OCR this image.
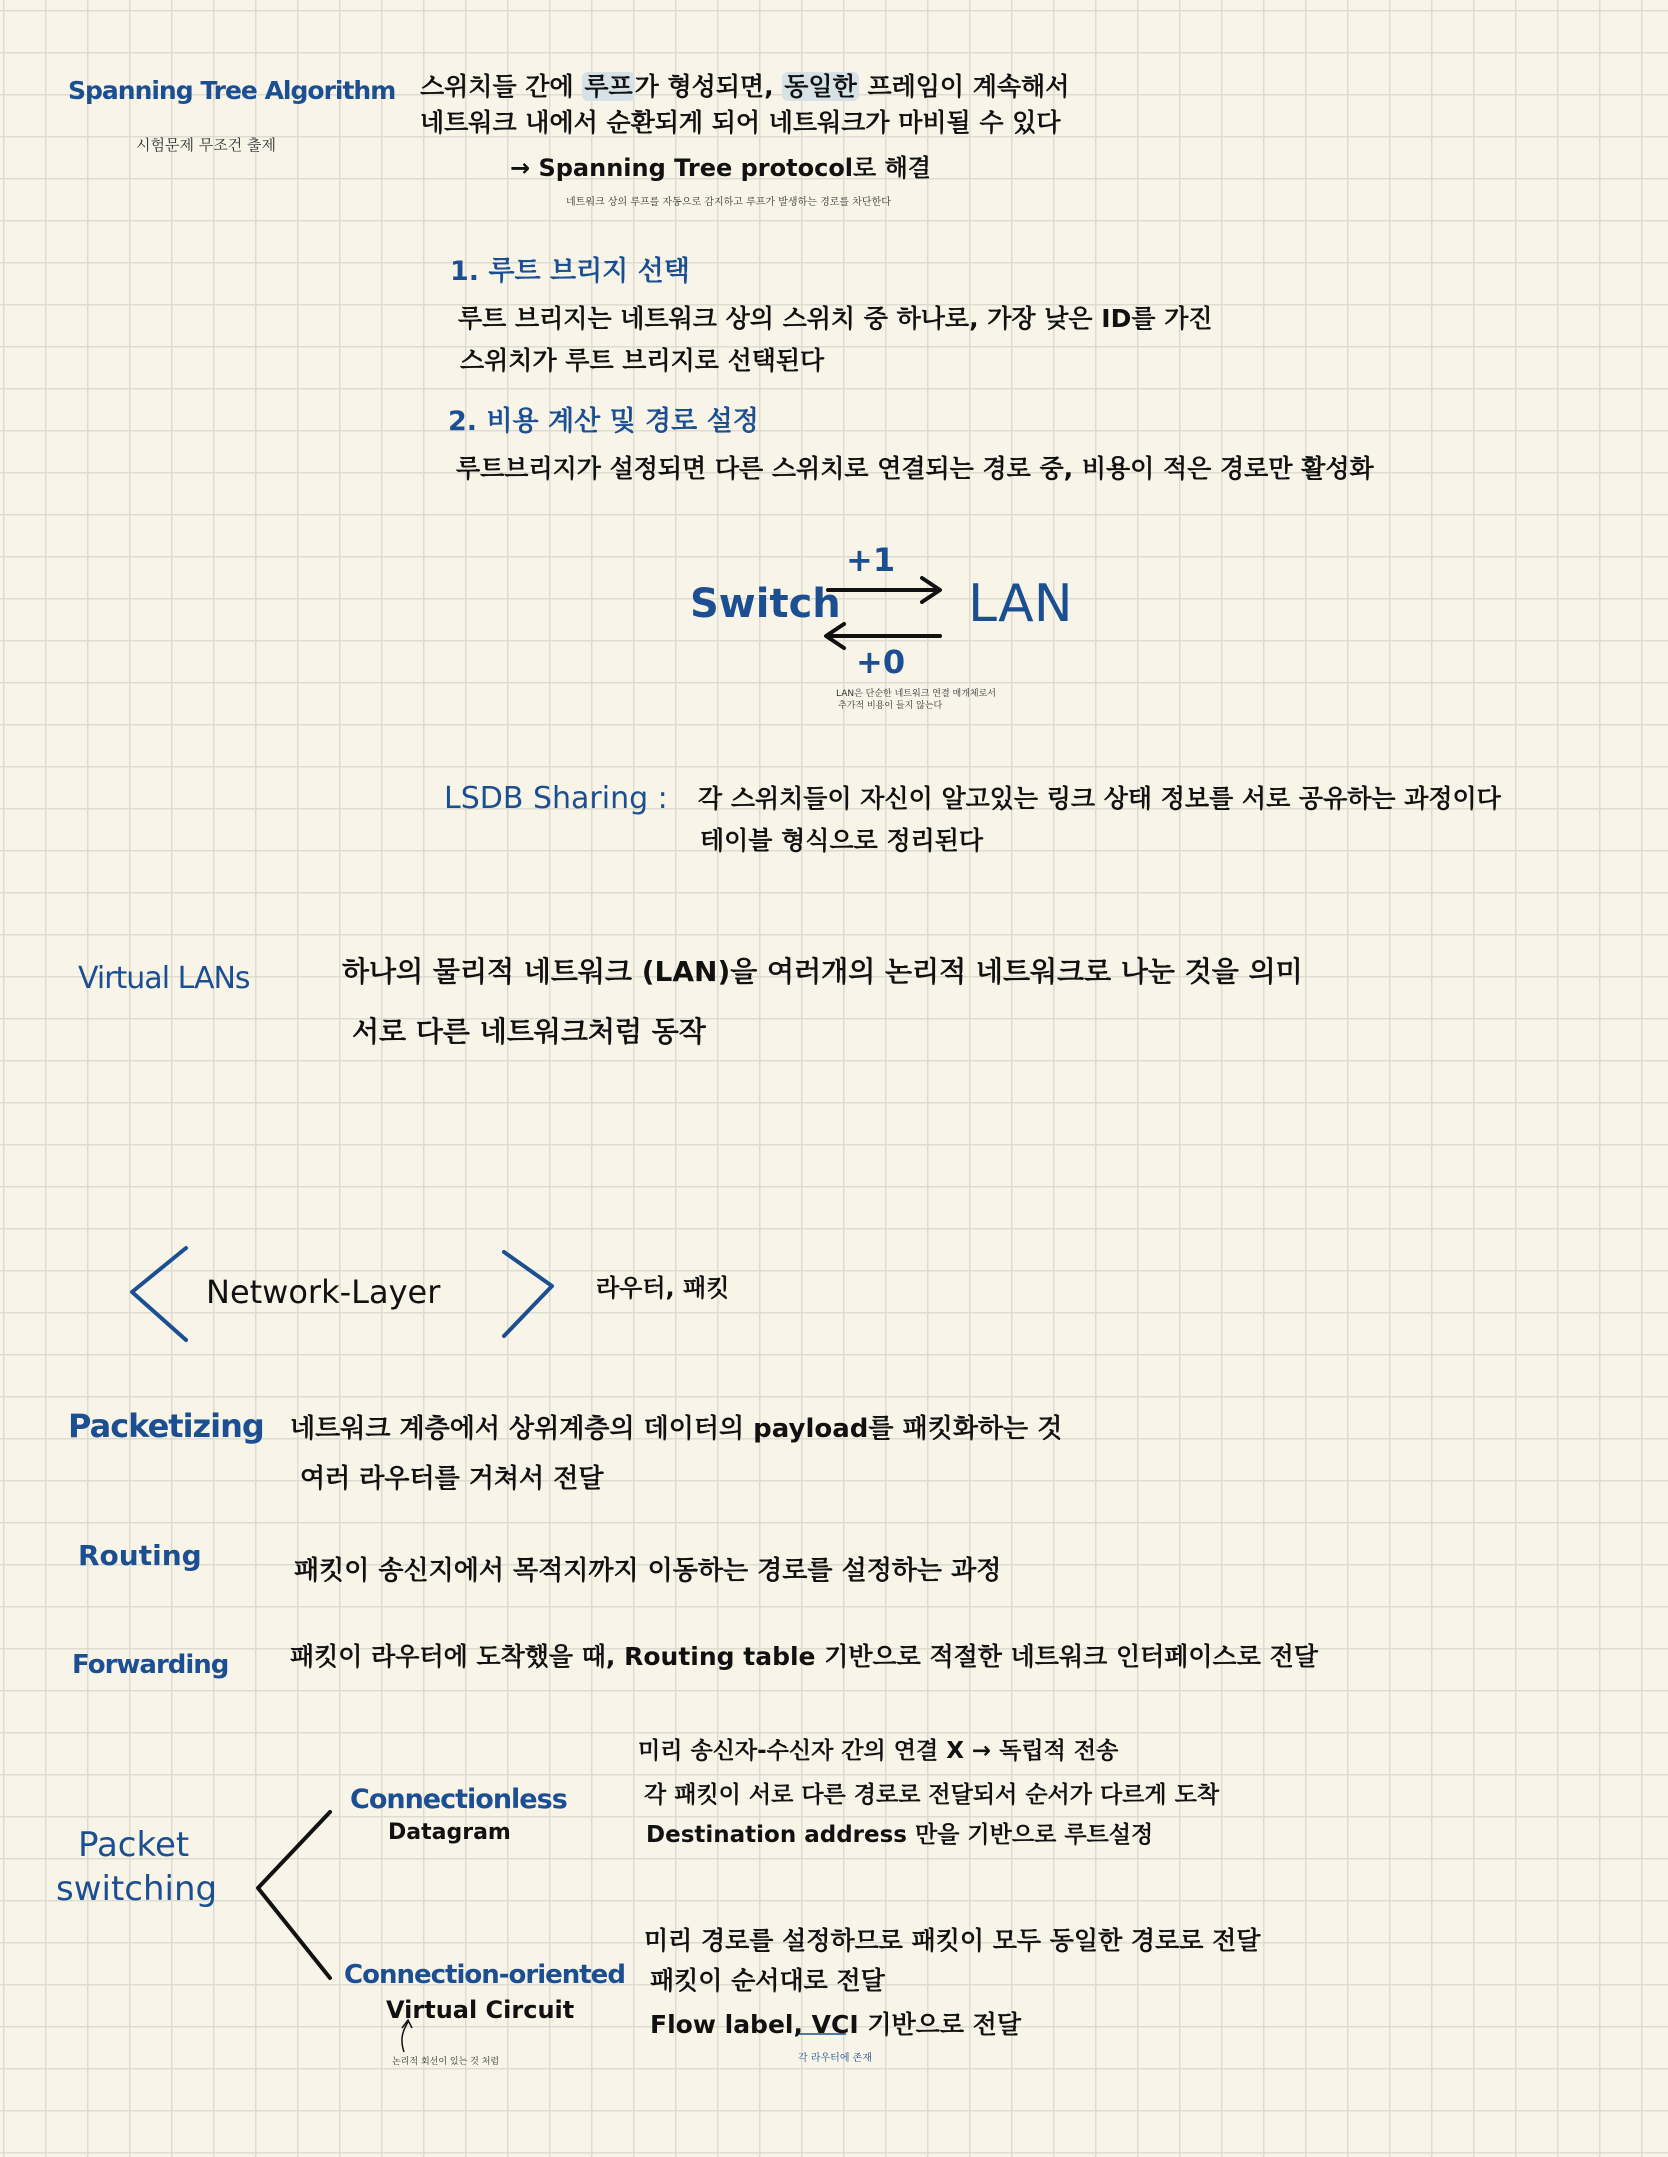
Spanning Tree Algorithm
시험문제 무조건 출제
스위치들 간에 루프가 형성되면, 동일한 프레임이 계속해서
네트워크 내에서 순환되게 되어 네트워크가 마비될 수 있다
→ Spanning Tree protocol로 해결
네트워크 상의 루프를 자동으로 감지하고 루프가 발생하는 경로를 차단한다
1. 루트 브리지 선택
루트 브리지는 네트워크 상의 스위치 중 하나로, 가장 낮은 ID를 가진
스위치가 루트 브리지로 선택된다
2. 비용 계산 및 경로 설정
루트브리지가 설정되면 다른 스위치로 연결되는 경로 중, 비용이 적은 경로만 활성화
Switch LAN
+1
+0
LAN은 단순한 네트워크 연결 매개체로서
추가적 비용이 들지 않는다
LSDB Sharing : 각 스위치들이 자신이 알고있는 링크 상태 정보를 서로 공유하는 과정이다
테이블 형식으로 정리된다
Virtual LANs	하나의 물리적 네트워크 (LAN)을 여러개의 논리적 네트워크로 나눈 것을 의미
서로 다른 네트워크처럼 동작
Network-Layer	라우터, 패킷
Packetizing 네트워크 계층에서 상위계층의 데이터의 payload를 패킷화하는 것
여러 라우터를 거쳐서 전달
Routing	패킷이 송신지에서 목적지까지 이동하는 경로를 설정하는 과정
Forwarding 패킷이 라우터에 도착했을 때, Routing table 기반으로 적절한 네트워크 인터페이스로 전달
Packet
switching
Connectionless
Datagram
미리 송신자-수신자 간의 연결 X → 독립적 전송
각 패킷이 서로 다른 경로로 전달되서 순서가 다르게 도착
Destination address 만을 기반으로 루트설정
Connection-oriented
Virtual Circuit
논리적 회선이 있는 것 처럼
미리 경로를 설정하므로 패킷이 모두 동일한 경로로 전달
패킷이 순서대로 전달
Flow label, VCI 기반으로 전달
각 라우터에 존재
